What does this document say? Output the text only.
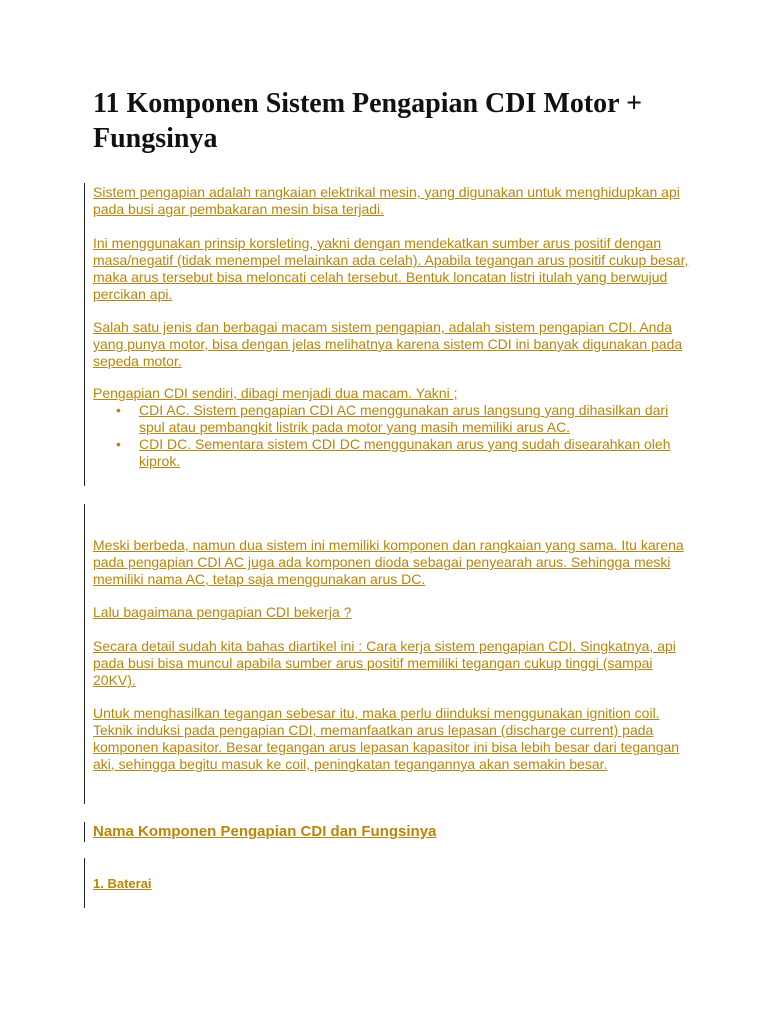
11 Komponen Sistem Pengapian CDI Motor + Fungsinya

Sistem pengapian adalah rangkaian elektrikal mesin, yang digunakan untuk menghidupkan api pada busi agar pembakaran mesin bisa terjadi.

Ini menggunakan prinsip korsleting, yakni dengan mendekatkan sumber arus positif dengan masa/negatif (tidak menempel melainkan ada celah). Apabila tegangan arus positif cukup besar, maka arus tersebut bisa meloncati celah tersebut. Bentuk loncatan listri itulah yang berwujud percikan api.

Salah satu jenis dan berbagai macam sistem pengapian, adalah sistem pengapian CDI. Anda yang punya motor, bisa dengan jelas melihatnya karena sistem CDI ini banyak digunakan pada sepeda motor.

Pengapian CDI sendiri, dibagi menjadi dua macam. Yakni ;

• CDI AC. Sistem pengapian CDI AC menggunakan arus langsung yang dihasilkan dari spul atau pembangkit listrik pada motor yang masih memiliki arus AC.
• CDI DC. Sementara sistem CDI DC menggunakan arus yang sudah disearahkan oleh kiprok.

Meski berbeda, namun dua sistem ini memiliki komponen dan rangkaian yang sama. Itu karena pada pengapian CDI AC juga ada komponen dioda sebagai penyearah arus. Sehingga meski memiliki nama AC, tetap saja menggunakan arus DC.

Lalu bagaimana pengapian CDI bekerja ?

Secara detail sudah kita bahas diartikel ini : Cara kerja sistem pengapian CDI. Singkatnya, api pada busi bisa muncul apabila sumber arus positif memiliki tegangan cukup tinggi (sampai 20KV).

Untuk menghasilkan tegangan sebesar itu, maka perlu diinduksi menggunakan ignition coil. Teknik induksi pada pengapian CDI, memanfaatkan arus lepasan (discharge current) pada komponen kapasitor. Besar tegangan arus lepasan kapasitor ini bisa lebih besar dari tegangan aki, sehingga begitu masuk ke coil, peningkatan tegangannya akan semakin besar.

Nama Komponen Pengapian CDI dan Fungsinya
1. Baterai
